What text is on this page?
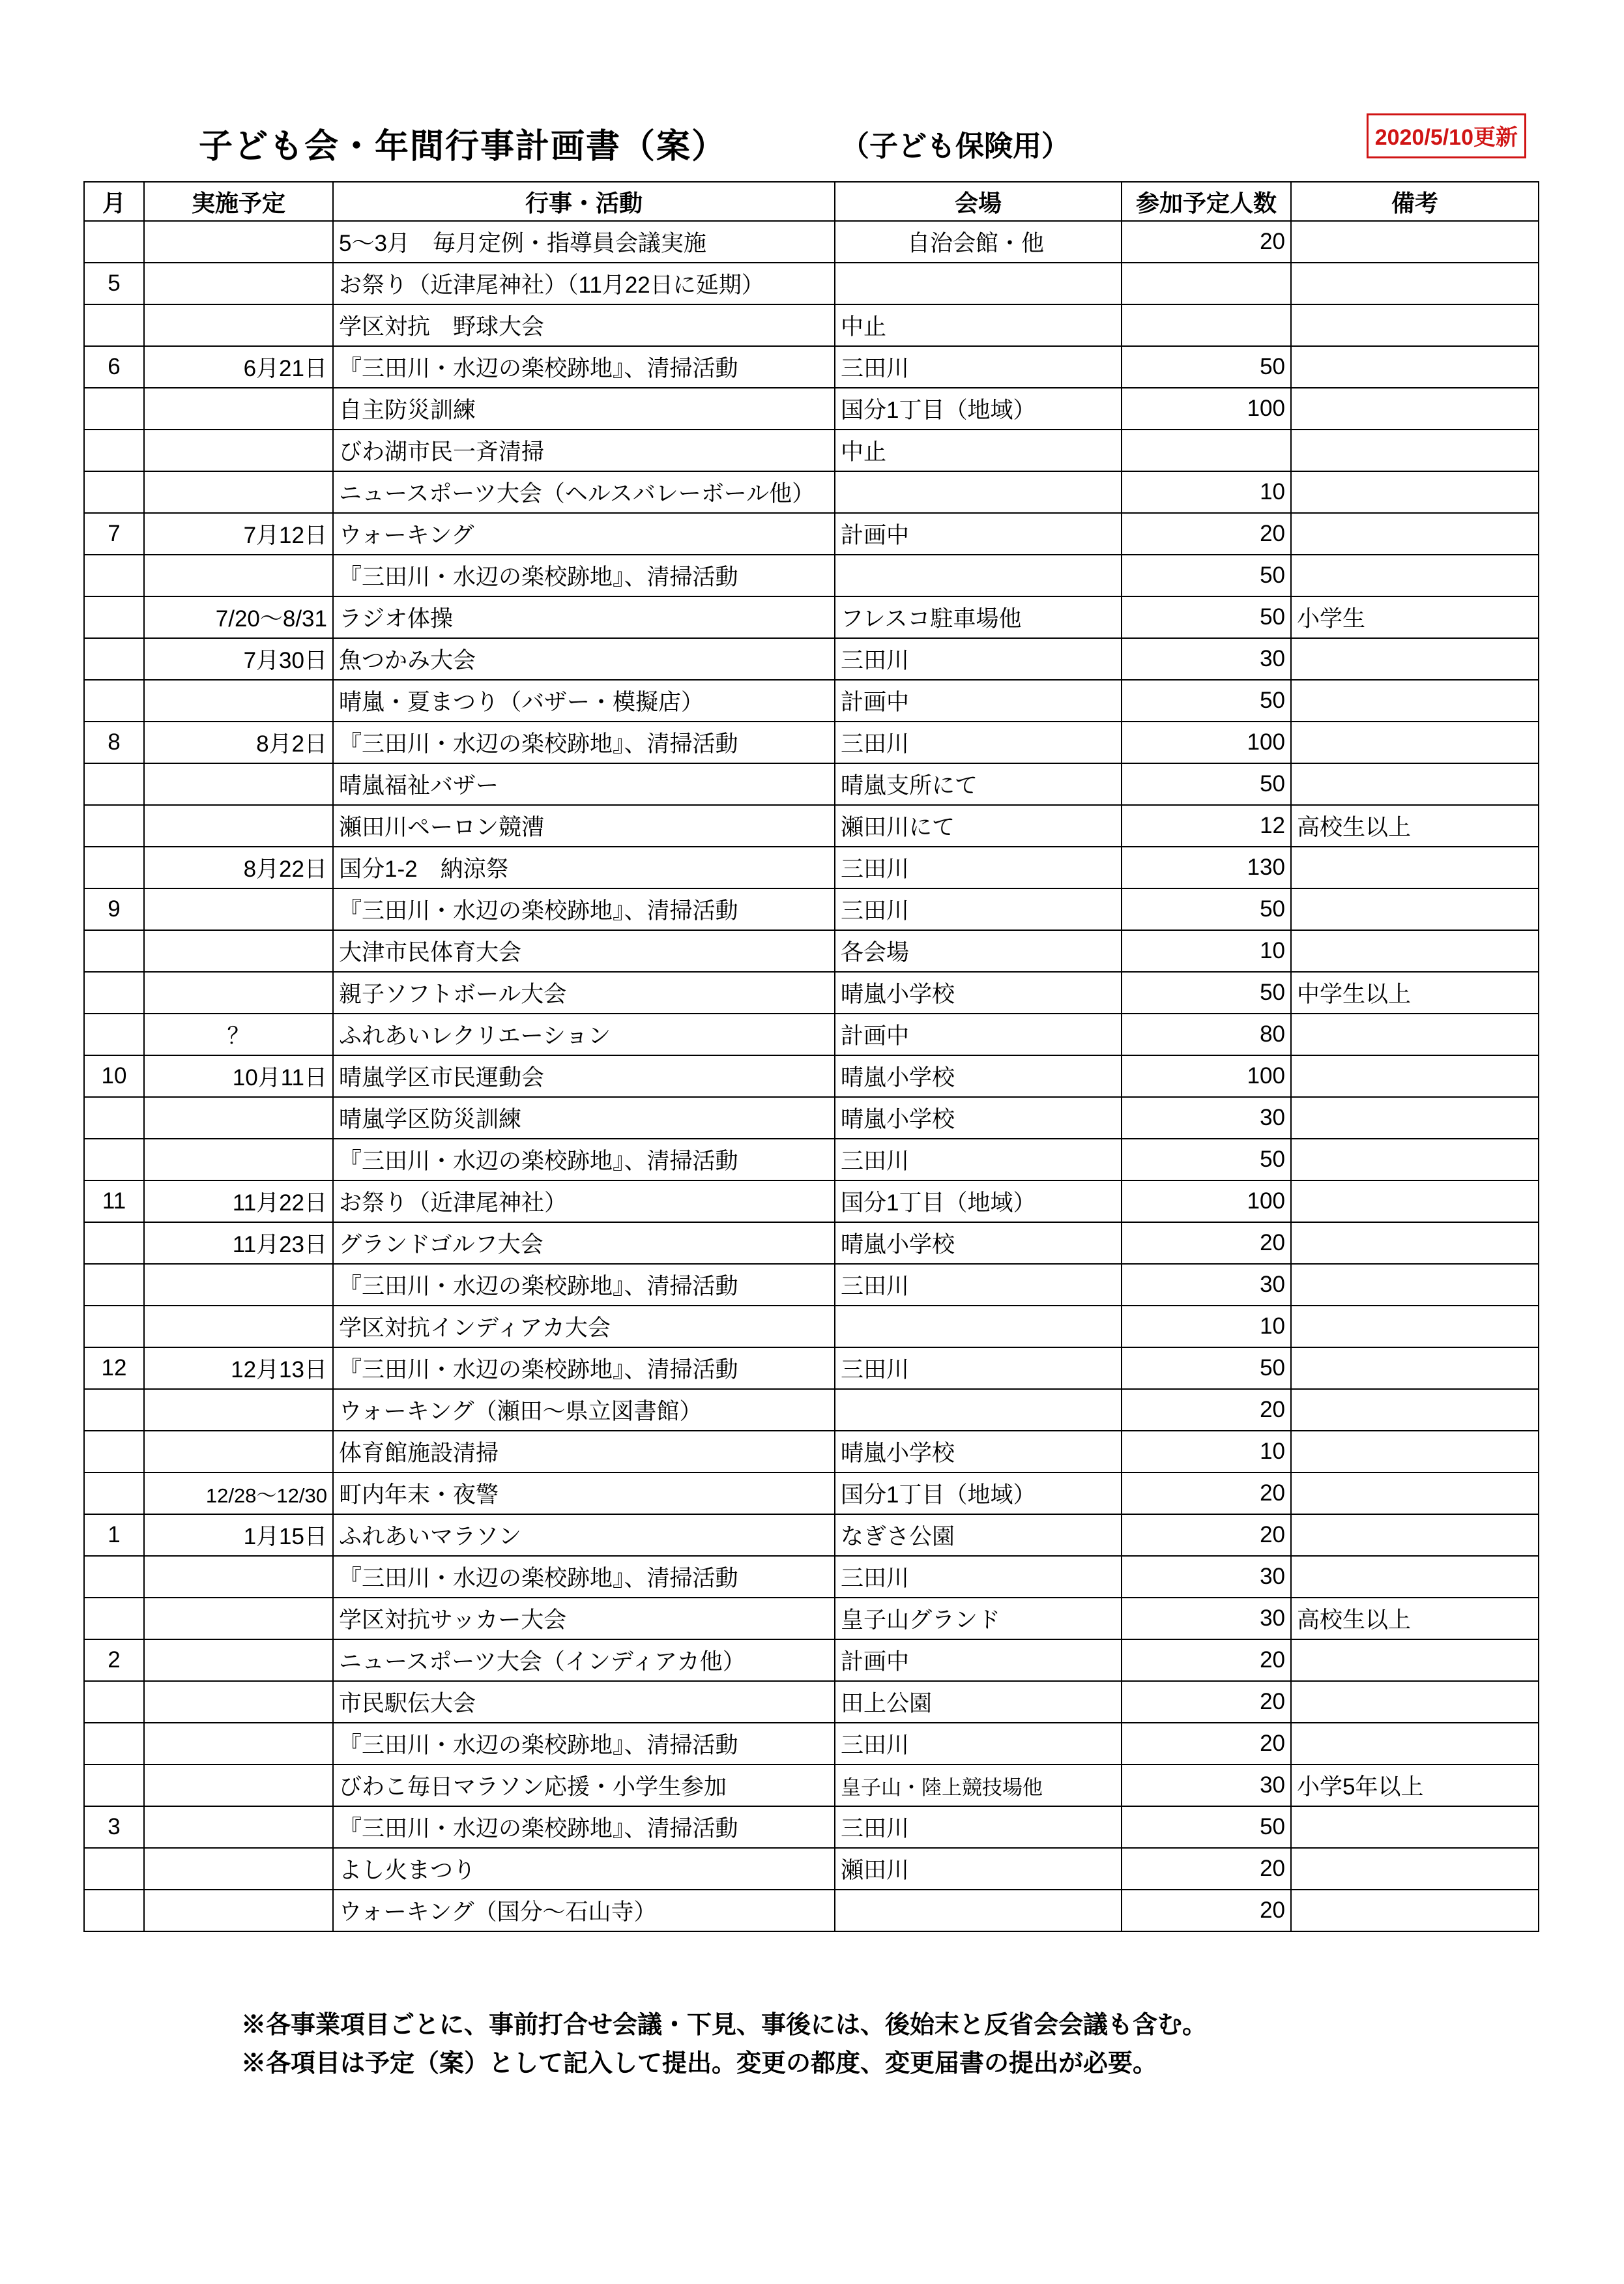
子ども会・年間行事計画書（案）	（子ども保険用）	2020/5/10更新
月	実施予定	行事・活動	会場	参加予定人数	備考
		5〜3月　毎月定例・指導員会議実施	自治会館・他	20	
5		お祭り（近津尾神社）（11月22日に延期）			
		学区対抗　野球大会	中止		
6	6月21日	『三田川・水辺の楽校跡地』、清掃活動	三田川	50	
		自主防災訓練	国分1丁目（地域）	100	
		びわ湖市民一斉清掃	中止		
		ニュースポーツ大会（ヘルスバレーボール他）		10	
7	7月12日	ウォーキング	計画中	20	
		『三田川・水辺の楽校跡地』、清掃活動		50	
	7/20〜8/31	ラジオ体操	フレスコ駐車場他	50	小学生
	7月30日	魚つかみ大会	三田川	30	
		晴嵐・夏まつり（バザー・模擬店）	計画中	50	
8	8月2日	『三田川・水辺の楽校跡地』、清掃活動	三田川	100	
		晴嵐福祉バザー	晴嵐支所にて	50	
		瀬田川ペーロン競漕	瀬田川にて	12	高校生以上
	8月22日	国分1-2　納涼祭	三田川	130	
9		『三田川・水辺の楽校跡地』、清掃活動	三田川	50	
		大津市民体育大会	各会場	10	
		親子ソフトボール大会	晴嵐小学校	50	中学生以上
	？	ふれあいレクリエーション	計画中	80	
10	10月11日	晴嵐学区市民運動会	晴嵐小学校	100	
		晴嵐学区防災訓練	晴嵐小学校	30	
		『三田川・水辺の楽校跡地』、清掃活動	三田川	50	
11	11月22日	お祭り（近津尾神社）	国分1丁目（地域）	100	
	11月23日	グランドゴルフ大会	晴嵐小学校	20	
		『三田川・水辺の楽校跡地』、清掃活動	三田川	30	
		学区対抗インディアカ大会		10	
12	12月13日	『三田川・水辺の楽校跡地』、清掃活動	三田川	50	
		ウォーキング（瀬田〜県立図書館）		20	
		体育館施設清掃	晴嵐小学校	10	
	12/28〜12/30	町内年末・夜警	国分1丁目（地域）	20	
1	1月15日	ふれあいマラソン	なぎさ公園	20	
		『三田川・水辺の楽校跡地』、清掃活動	三田川	30	
		学区対抗サッカー大会	皇子山グランド	30	高校生以上
2		ニュースポーツ大会（インディアカ他）	計画中	20	
		市民駅伝大会	田上公園	20	
		『三田川・水辺の楽校跡地』、清掃活動	三田川	20	
		びわこ毎日マラソン応援・小学生参加	皇子山・陸上競技場他	30	小学5年以上
3		『三田川・水辺の楽校跡地』、清掃活動	三田川	50	
		よし火まつり	瀬田川	20	
		ウォーキング（国分〜石山寺）		20	
※各事業項目ごとに、事前打合せ会議・下見、事後には、後始末と反省会会議も含む。
※各項目は予定（案）として記入して提出。変更の都度、変更届書の提出が必要。
